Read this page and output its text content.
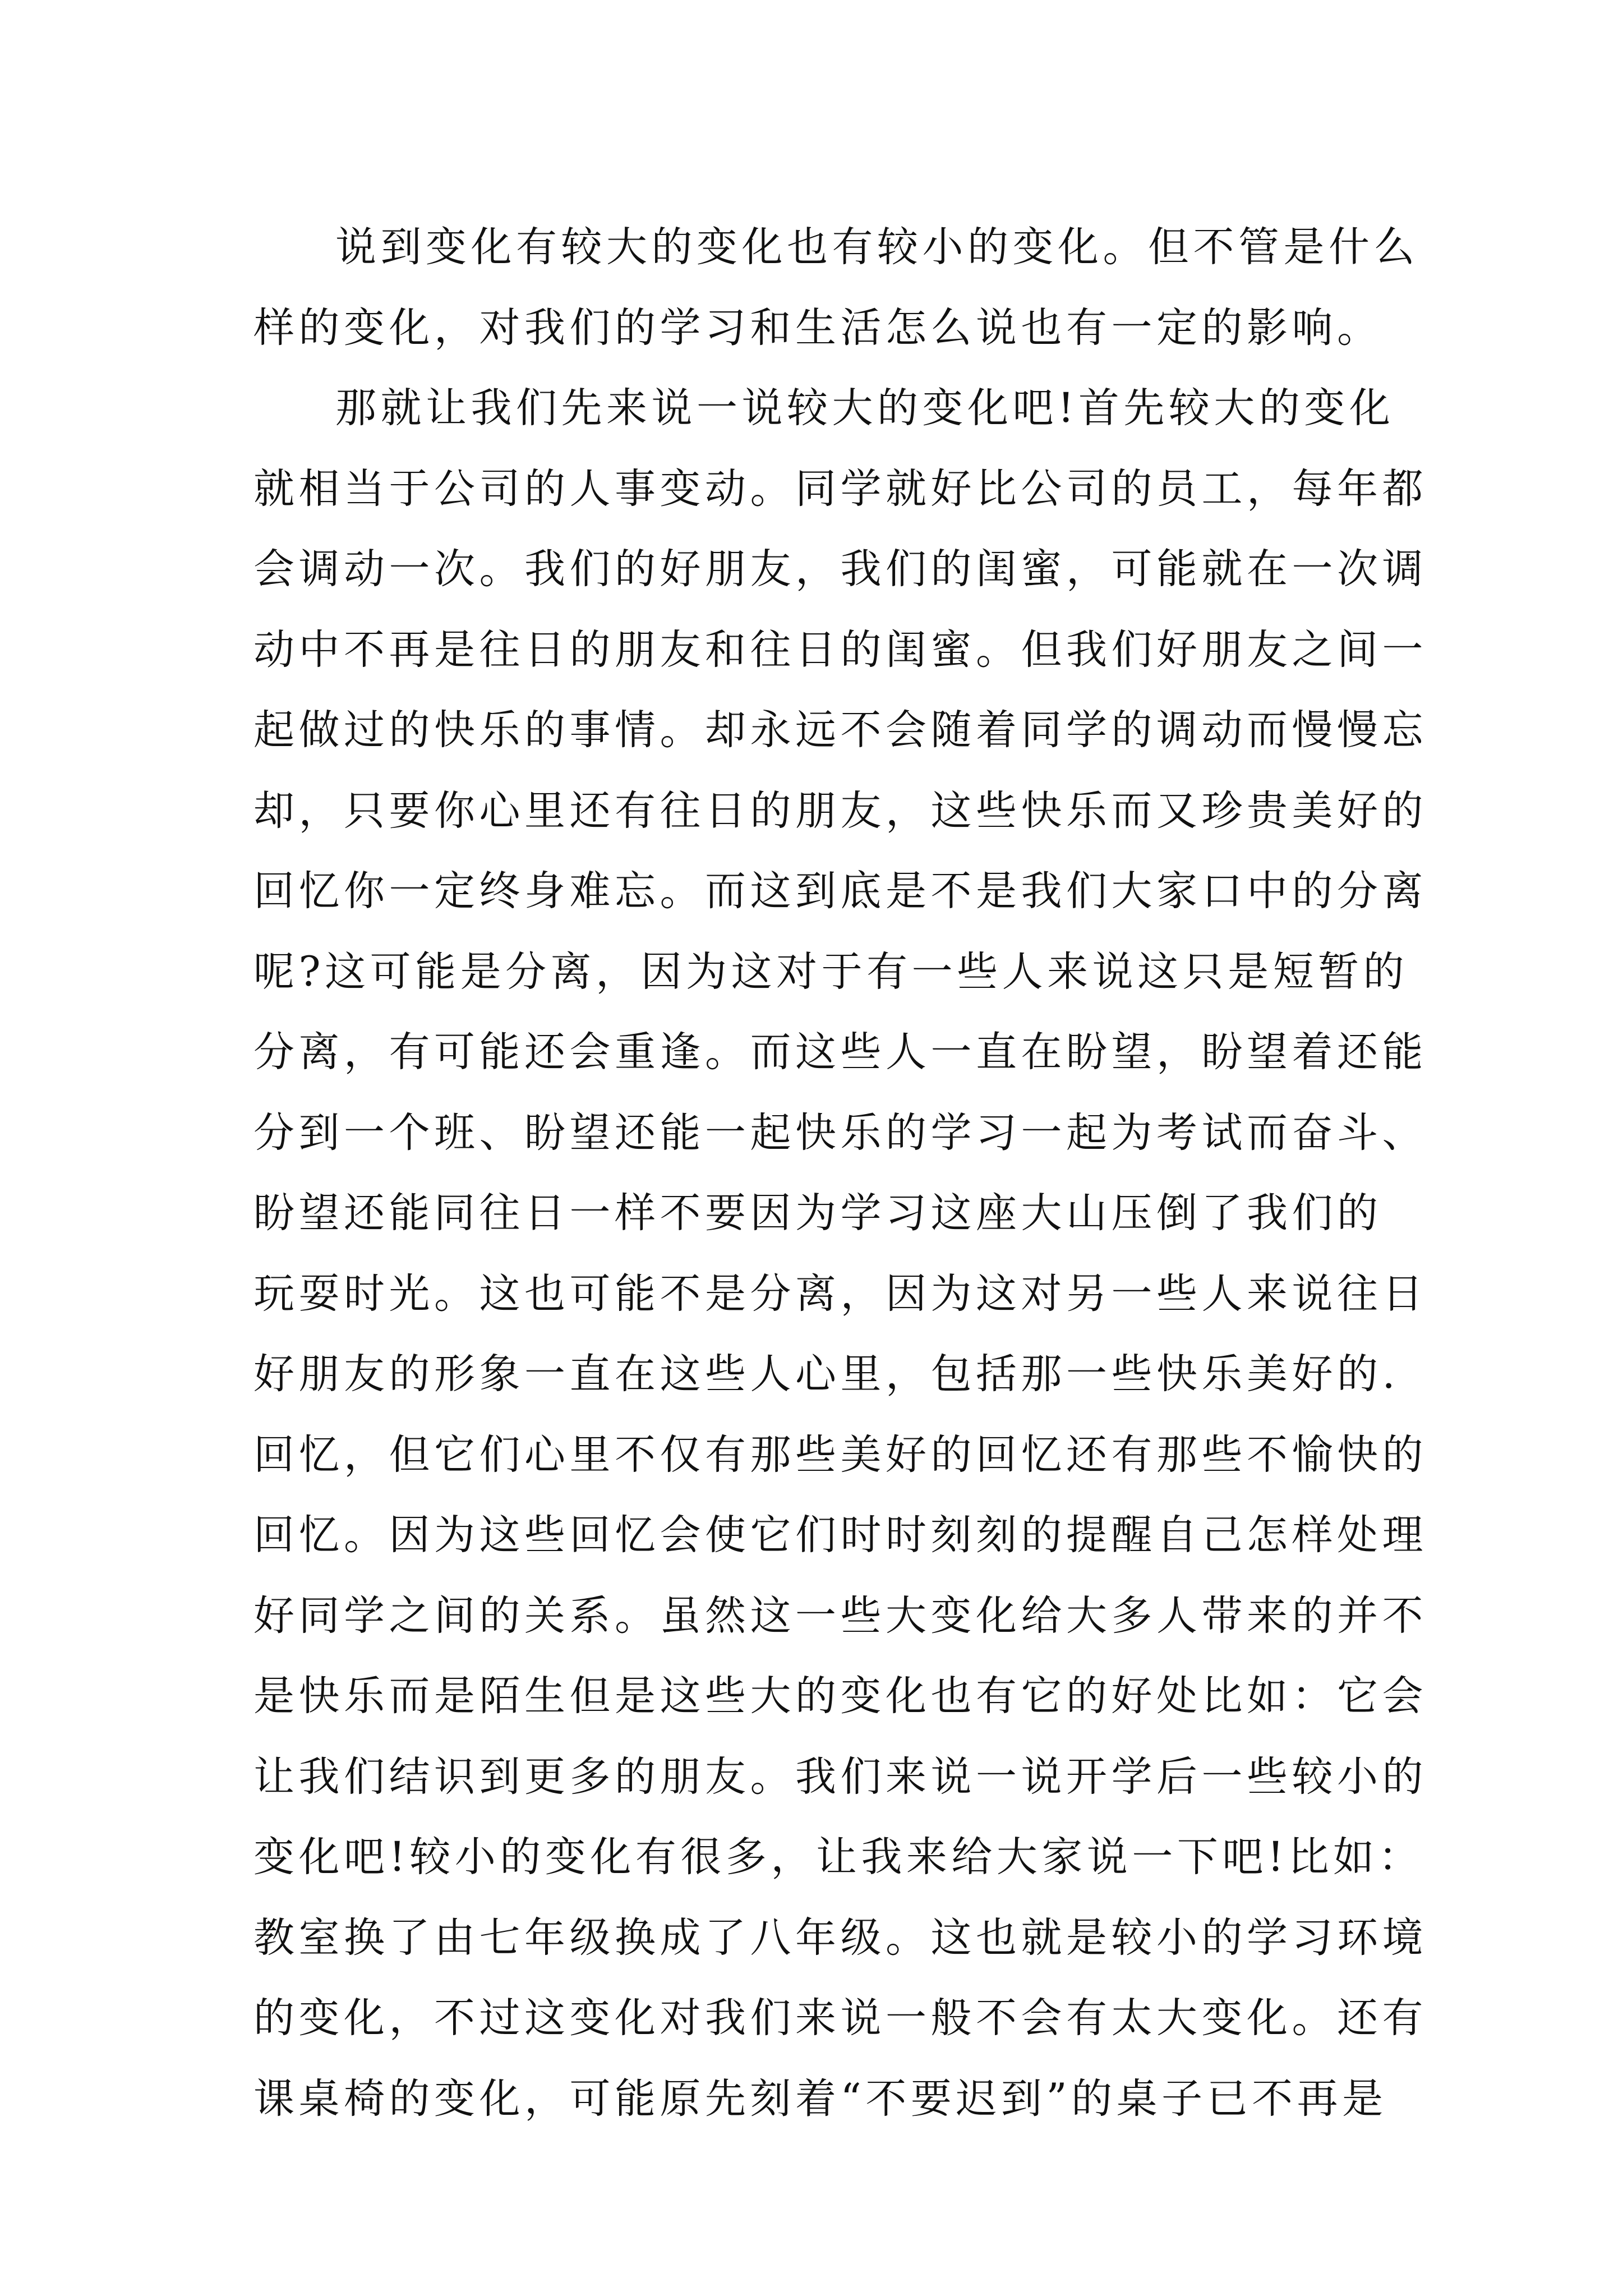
说到变化有较大的变化也有较小的变化。但不管是什么
样的变化，对我们的学习和生活怎么说也有一定的影响。

那就让我们先来说一说较大的变化吧!首先较大的变化
就相当于公司的人事变动。同学就好比公司的员工，每年都
会调动一次。我们的好朋友，我们的闺蜜，可能就在一次调
动中不再是往日的朋友和往日的闺蜜。但我们好朋友之间一
起做过的快乐的事情。却永远不会随着同学的调动而慢慢忘
却，只要你心里还有往日的朋友，这些快乐而又珍贵美好的
回忆你一定终身难忘。而这到底是不是我们大家口中的分离
呢?这可能是分离，因为这对于有一些人来说这只是短暂的
分离，有可能还会重逢。而这些人一直在盼望，盼望着还能
分到一个班、盼望还能一起快乐的学习一起为考试而奋斗、
盼望还能同往日一样不要因为学习这座大山压倒了我们的
玩耍时光。这也可能不是分离，因为这对另一些人来说往日
好朋友的形象一直在这些人心里，包括那一些快乐美好的.
回忆，但它们心里不仅有那些美好的回忆还有那些不愉快的
回忆。因为这些回忆会使它们时时刻刻的提醒自己怎样处理
好同学之间的关系。虽然这一些大变化给大多人带来的并不
是快乐而是陌生但是这些大的变化也有它的好处比如：它会
让我们结识到更多的朋友。我们来说一说开学后一些较小的
变化吧!较小的变化有很多，让我来给大家说一下吧!比如：
教室换了由七年级换成了八年级。这也就是较小的学习环境
的变化，不过这变化对我们来说一般不会有太大变化。还有
课桌椅的变化，可能原先刻着“不要迟到”的桌子已不再是
